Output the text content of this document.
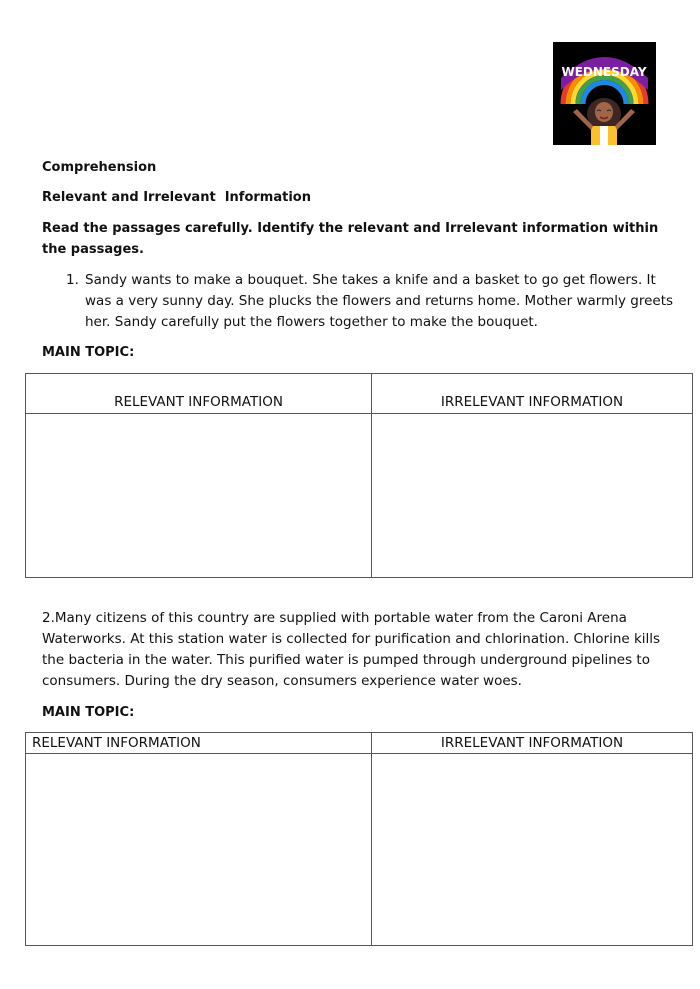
WEDNESDAY
Comprehension
Relevant and Irrelevant  Information
Read the passages carefully. Identify the relevant and Irrelevant information within
the passages.
1. Sandy wants to make a bouquet. She takes a knife and a basket to go get flowers. It
was a very sunny day. She plucks the flowers and returns home. Mother warmly greets
her. Sandy carefully put the flowers together to make the bouquet.
MAIN TOPIC:
RELEVANT INFORMATION	IRRELEVANT INFORMATION

2.Many citizens of this country are supplied with portable water from the Caroni Arena
Waterworks. At this station water is collected for purification and chlorination. Chlorine kills
the bacteria in the water. This purified water is pumped through underground pipelines to
consumers. During the dry season, consumers experience water woes.
MAIN TOPIC:
RELEVANT INFORMATION	IRRELEVANT INFORMATION
